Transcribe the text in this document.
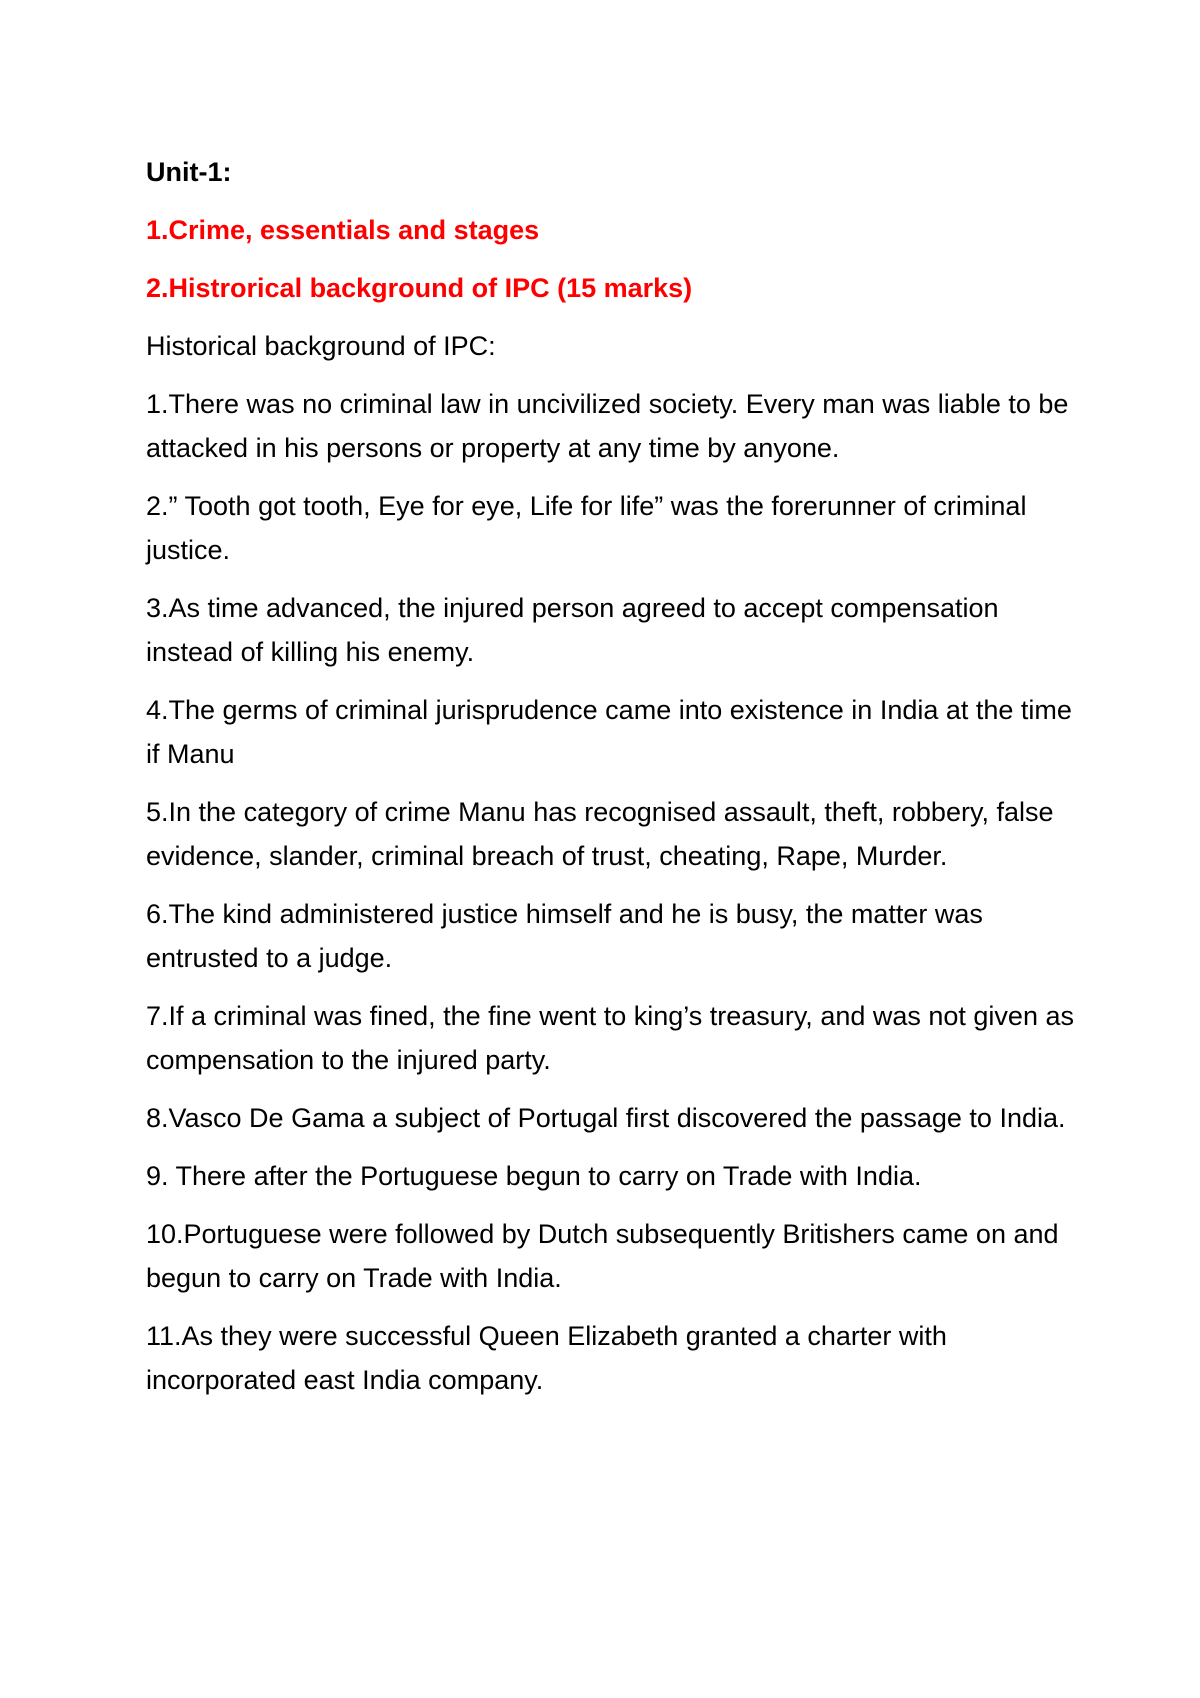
Unit-1:
1.Crime, essentials and stages
2.Histrorical background of IPC (15 marks)
Historical background of IPC:

1.There was no criminal law in uncivilized society. Every man was liable to be attacked in his persons or property at any time by anyone.

2.” Tooth got tooth, Eye for eye, Life for life” was the forerunner of criminal justice.

3.As time advanced, the injured person agreed to accept compensation instead of killing his enemy.

4.The germs of criminal jurisprudence came into existence in India at the time if Manu

5.In the category of crime Manu has recognised assault, theft, robbery, false evidence, slander, criminal breach of trust, cheating, Rape, Murder.

6.The kind administered justice himself and he is busy, the matter was entrusted to a judge.

7.If a criminal was fined, the fine went to king’s treasury, and was not given as compensation to the injured party.

8.Vasco De Gama a subject of Portugal first discovered the passage to India.

9. There after the Portuguese begun to carry on Trade with India.

10.Portuguese were followed by Dutch subsequently Britishers came on and begun to carry on Trade with India.

11.As they were successful Queen Elizabeth granted a charter with incorporated east India company.
